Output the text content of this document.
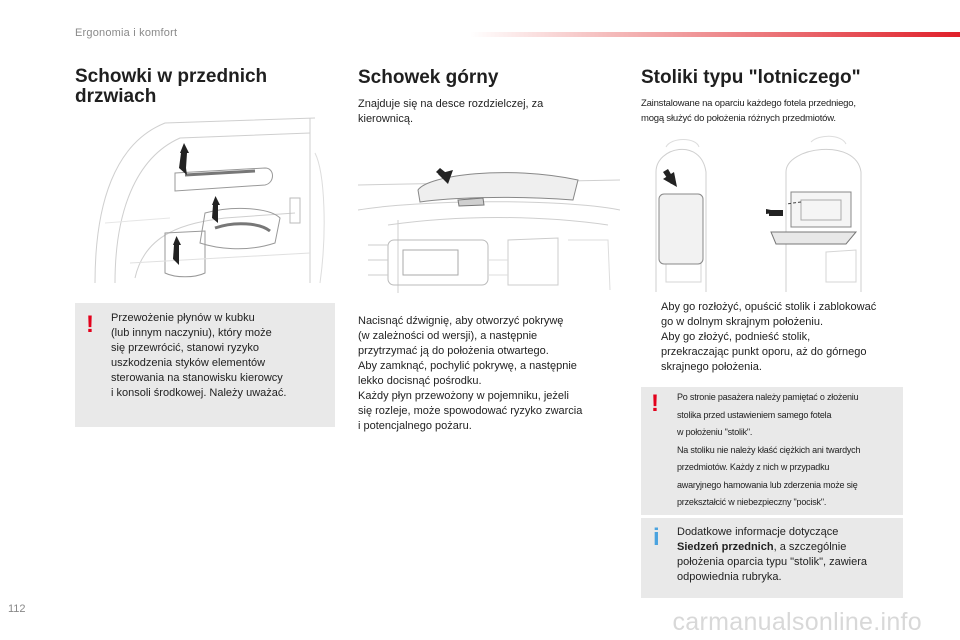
Ergonomia i komfort
Schowki w przednich drzwiach
! Przewożenie płynów w kubku
(lub innym naczyniu), który może
się przewrócić, stanowi ryzyko
uszkodzenia styków elementów
sterowania na stanowisku kierowcy
i konsoli środkowej. Należy uważać.
Schowek górny
Znajduje się na desce rozdzielczej, za
kierownicą.
Nacisnąć dźwignię, aby otworzyć pokrywę
(w zależności od wersji), a następnie
przytrzymać ją do położenia otwartego.
Aby zamknąć, pochylić pokrywę, a następnie
lekko docisnąć pośrodku.
Każdy płyn przewożony w pojemniku, jeżeli
się rozleje, może spowodować ryzyko zwarcia
i potencjalnego pożaru.
Stoliki typu "lotniczego"
Zainstalowane na oparciu każdego fotela przedniego,
mogą służyć do położenia różnych przedmiotów.
Aby go rozłożyć, opuścić stolik i zablokować
go w dolnym skrajnym położeniu.
Aby go złożyć, podnieść stolik,
przekraczając punkt oporu, aż do górnego
skrajnego położenia.
! Po stronie pasażera należy pamiętać o złożeniu
stolika przed ustawieniem samego fotela
w położeniu "stolik".
Na stoliku nie należy kłaść ciężkich ani twardych
przedmiotów. Każdy z nich w przypadku
awaryjnego hamowania lub zderzenia może się
przekształcić w niebezpieczny "pocisk".
i Dodatkowe informacje dotyczące
Siedzeń przednich, a szczególnie
położenia oparcia typu "stolik", zawiera
odpowiednia rubryka.
112	carmanualsonline.info
